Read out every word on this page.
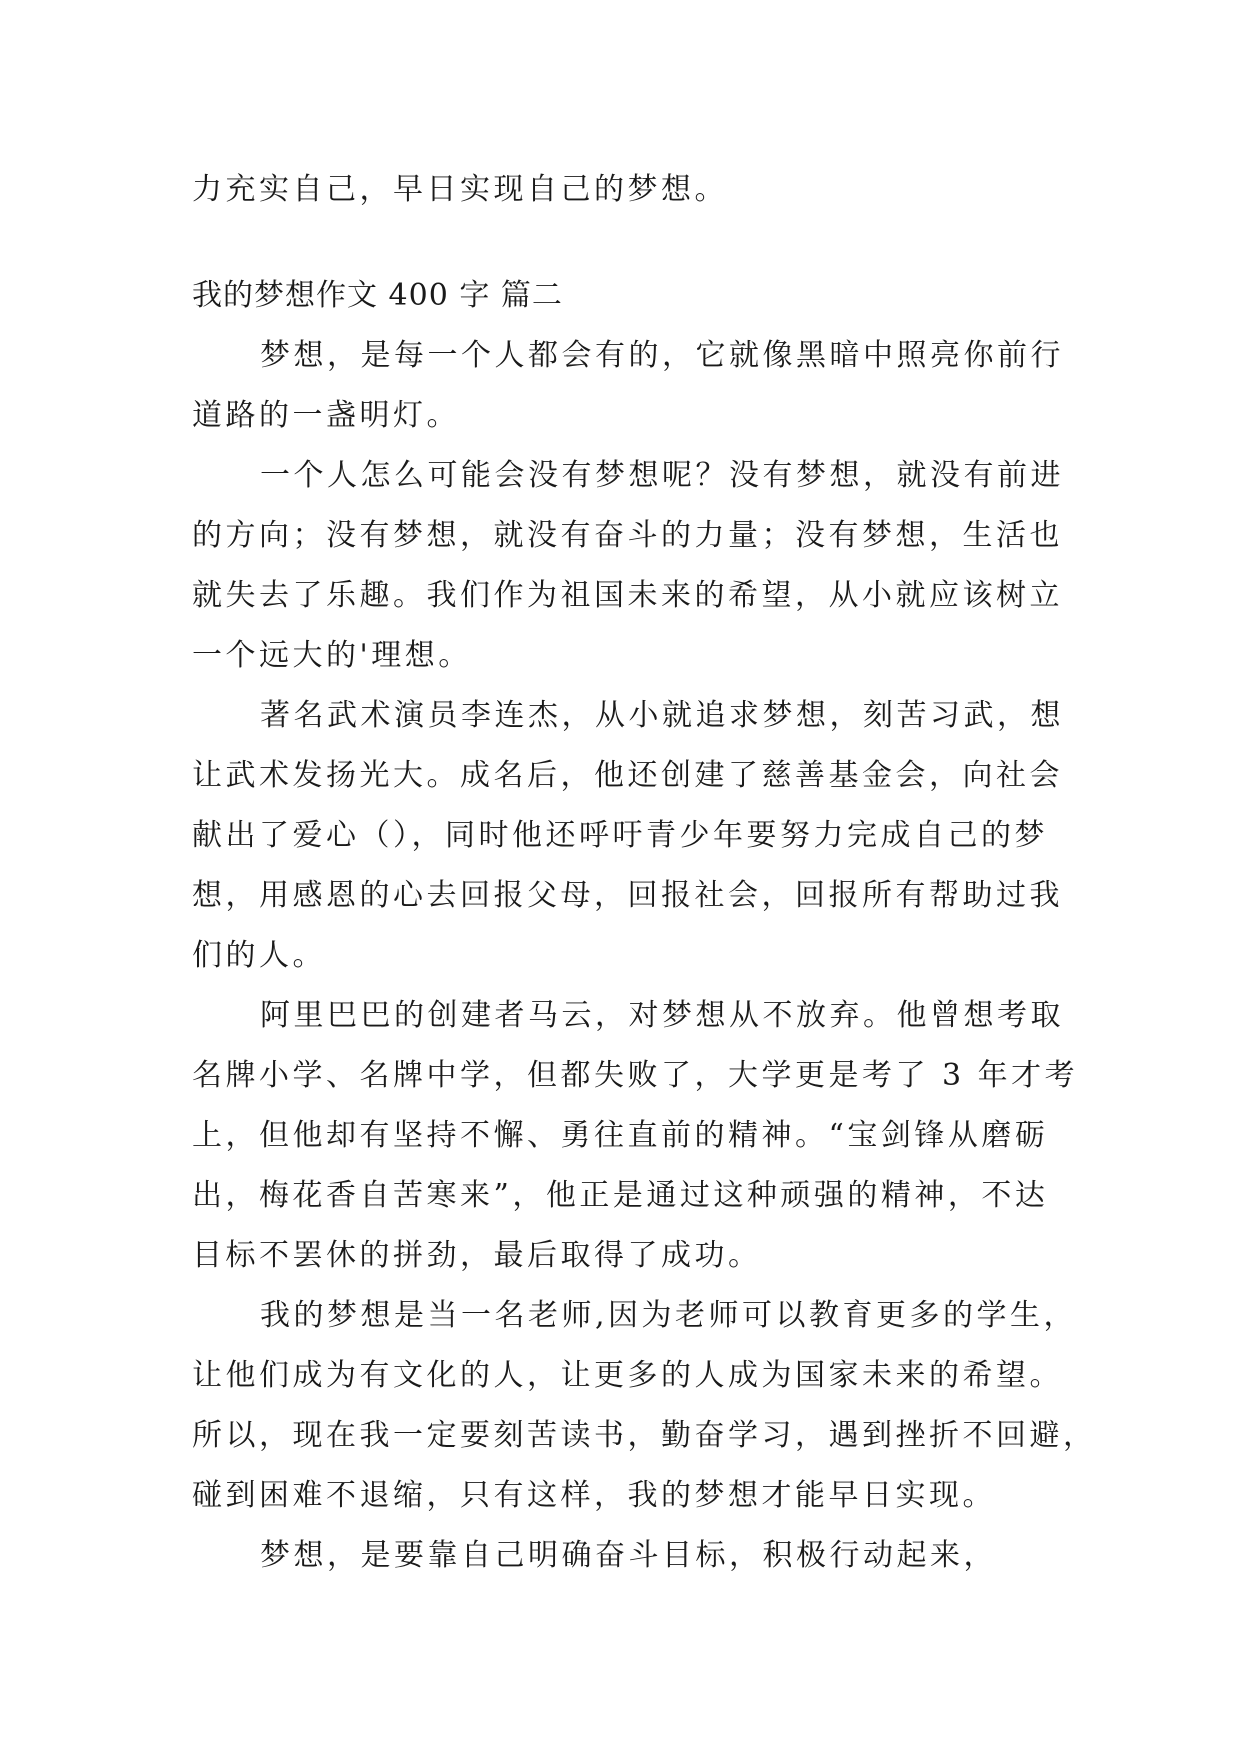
力充实自己，早日实现自己的梦想。
我的梦想作文 400 字 篇二
梦想，是每一个人都会有的，它就像黑暗中照亮你前行
道路的一盏明灯。
一个人怎么可能会没有梦想呢？没有梦想，就没有前进
的方向；没有梦想，就没有奋斗的力量；没有梦想，生活也
就失去了乐趣。我们作为祖国未来的希望，从小就应该树立
一个远大的'理想。
著名武术演员李连杰，从小就追求梦想，刻苦习武，想
让武术发扬光大。成名后，他还创建了慈善基金会，向社会
献出了爱心（），同时他还呼吁青少年要努力完成自己的梦
想，用感恩的心去回报父母，回报社会，回报所有帮助过我
们的人。
阿里巴巴的创建者马云，对梦想从不放弃。他曾想考取
名牌小学、名牌中学，但都失败了，大学更是考了 3 年才考
上，但他却有坚持不懈、勇往直前的精神。“宝剑锋从磨砺
出，梅花香自苦寒来”，他正是通过这种顽强的精神，不达
目标不罢休的拼劲，最后取得了成功。
我的梦想是当一名老师,因为老师可以教育更多的学生，
让他们成为有文化的人，让更多的人成为国家未来的希望。
所以，现在我一定要刻苦读书，勤奋学习，遇到挫折不回避，
碰到困难不退缩，只有这样，我的梦想才能早日实现。
梦想，是要靠自己明确奋斗目标，积极行动起来，
